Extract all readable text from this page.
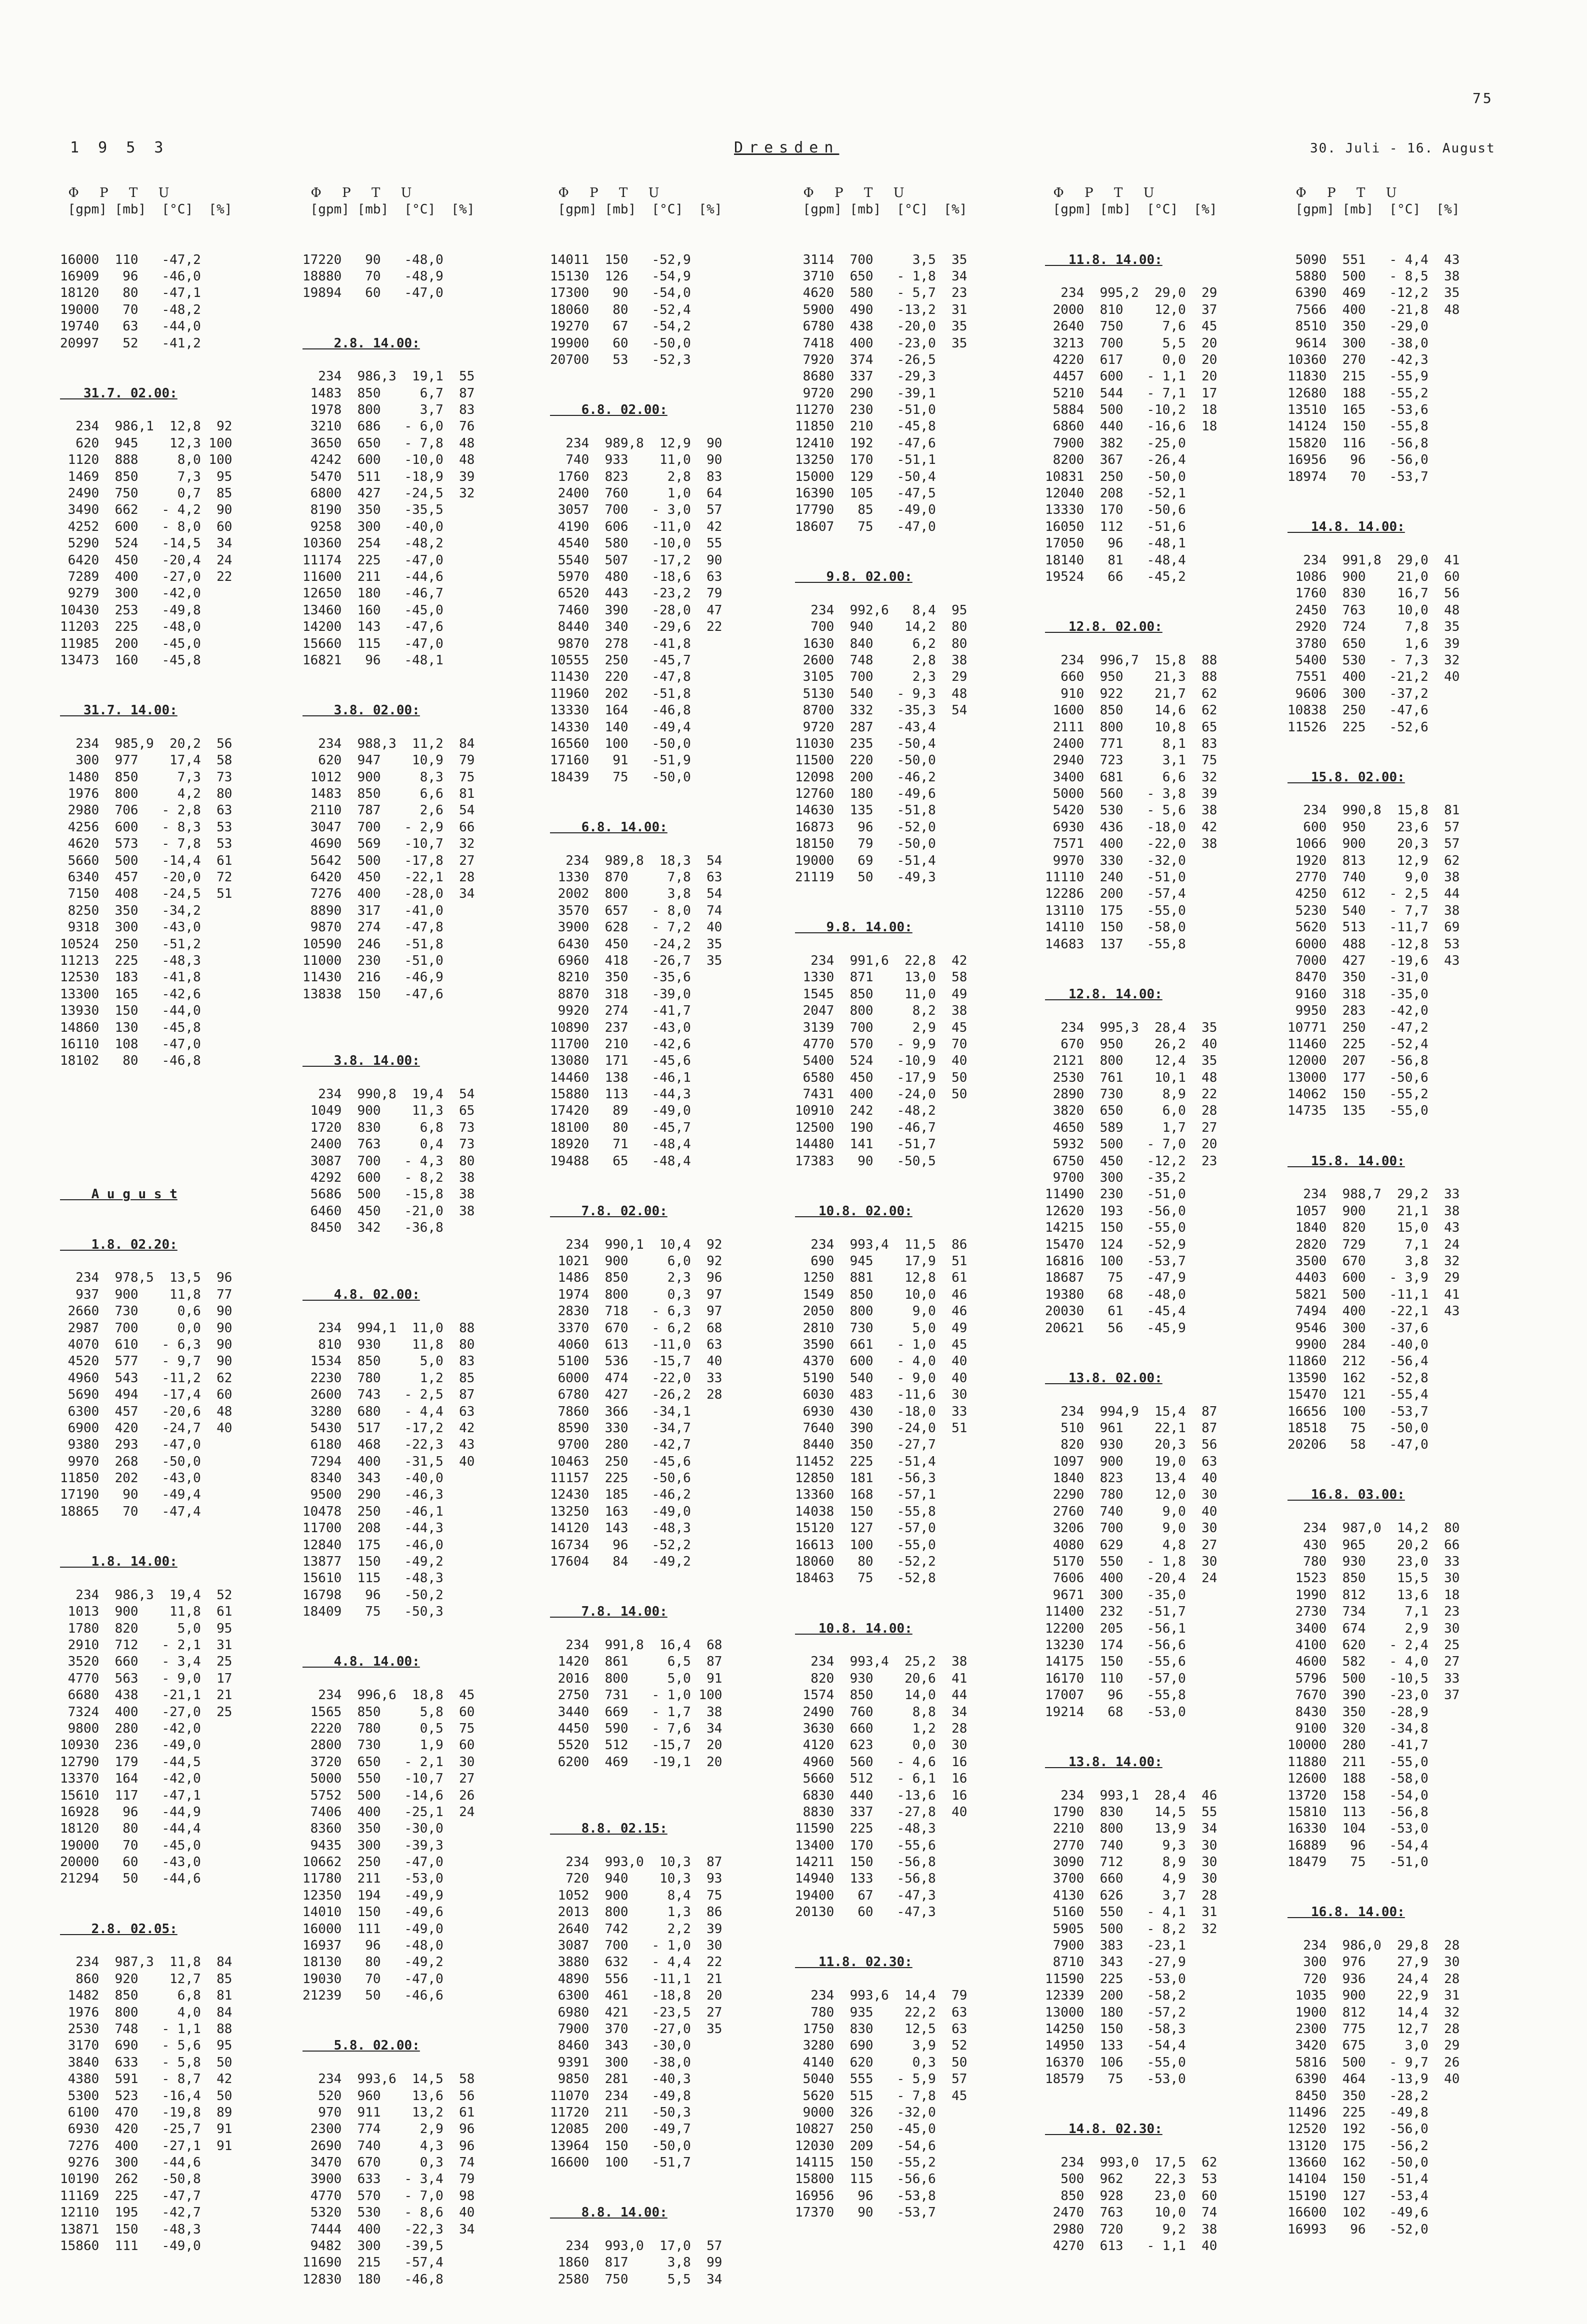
75
1 9 5 3	Dresden	30. Juli - 16. August
Φ     P     T     U
[gpm] [mb]  [°C]  [%]
16000  110   -47,2
16909   96   -46,0
18120   80   -47,1
19000   70   -48,2
19740   63   -44,0
20997   52   -41,2
31.7. 02.00:
234  986,1  12,8  92
620  945    12,3 100
1120  888     8,0 100
1469  850     7,3  95
2490  750     0,7  85
3490  662   - 4,2  90
4252  600   - 8,0  60
5290  524   -14,5  34
6420  450   -20,4  24
7289  400   -27,0  22
9279  300   -42,0
10430  253   -49,8
11203  225   -48,0
11985  200   -45,0
13473  160   -45,8
31.7. 14.00:
234  985,9  20,2  56
300  977    17,4  58
1480  850     7,3  73
1976  800     4,2  80
2980  706   - 2,8  63
4256  600   - 8,3  53
4620  573   - 7,8  53
5660  500   -14,4  61
6340  457   -20,0  72
7150  408   -24,5  51
8250  350   -34,2
9318  300   -43,0
10524  250   -51,2
11213  225   -48,3
12530  183   -41,8
13300  165   -42,6
13930  150   -44,0
14860  130   -45,8
16110  108   -47,0
18102   80   -46,8
A u g u s t
1.8. 02.20:
234  978,5  13,5  96
937  900    11,8  77
2660  730     0,6  90
2987  700     0,0  90
4070  610   - 6,3  90
4520  577   - 9,7  90
4960  543   -11,2  62
5690  494   -17,4  60
6300  457   -20,6  48
6900  420   -24,7  40
9380  293   -47,0
9970  268   -50,0
11850  202   -43,0
17190   90   -49,4
18865   70   -47,4
1.8. 14.00:
234  986,3  19,4  52
1013  900    11,8  61
1780  820     5,0  95
2910  712   - 2,1  31
3520  660   - 3,4  25
4770  563   - 9,0  17
6680  438   -21,1  21
7324  400   -27,0  25
9800  280   -42,0
10930  236   -49,0
12790  179   -44,5
13370  164   -42,0
15610  117   -47,1
16928   96   -44,9
18120   80   -44,4
19000   70   -45,0
20000   60   -43,0
21294   50   -44,6
2.8. 02.05:
234  987,3  11,8  84
860  920    12,7  85
1482  850     6,8  81
1976  800     4,0  84
2530  748   - 1,1  88
3170  690   - 5,6  95
3840  633   - 5,8  50
4380  591   - 8,7  42
5300  523   -16,4  50
6100  470   -19,8  89
6930  420   -25,7  91
7276  400   -27,1  91
9276  300   -44,6
10190  262   -50,8
11169  225   -47,7
12110  195   -42,7
13871  150   -48,3
15860  111   -49,0
Φ     P     T     U
[gpm] [mb]  [°C]  [%]
17220   90   -48,0
18880   70   -48,9
19894   60   -47,0
2.8. 14.00:
234  986,3  19,1  55
1483  850     6,7  87
1978  800     3,7  83
3210  686   - 6,0  76
3650  650   - 7,8  48
4242  600   -10,0  48
5470  511   -18,9  39
6800  427   -24,5  32
8190  350   -35,5
9258  300   -40,0
10360  254   -48,2
11174  225   -47,0
11600  211   -44,6
12650  180   -46,7
13460  160   -45,0
14200  143   -47,6
15660  115   -47,0
16821   96   -48,1
3.8. 02.00:
234  988,3  11,2  84
620  947    10,9  79
1012  900     8,3  75
1483  850     6,6  81
2110  787     2,6  54
3047  700   - 2,9  66
4690  569   -10,7  32
5642  500   -17,8  27
6420  450   -22,1  28
7276  400   -28,0  34
8890  317   -41,0
9870  274   -47,8
10590  246   -51,8
11000  230   -51,0
11430  216   -46,9
13838  150   -47,6
3.8. 14.00:
234  990,8  19,4  54
1049  900    11,3  65
1720  830     6,8  73
2400  763     0,4  73
3087  700   - 4,3  80
4292  600   - 8,2  38
5686  500   -15,8  38
6460  450   -21,0  38
8450  342   -36,8
4.8. 02.00:
234  994,1  11,0  88
810  930    11,8  80
1534  850     5,0  83
2230  780     1,2  85
2600  743   - 2,5  87
3280  680   - 4,4  63
5430  517   -17,2  42
6180  468   -22,3  43
7294  400   -31,5  40
8340  343   -40,0
9500  290   -46,3
10478  250   -46,1
11700  208   -44,3
12840  175   -46,0
13877  150   -49,2
15610  115   -48,3
16798   96   -50,2
18409   75   -50,3
4.8. 14.00:
234  996,6  18,8  45
1565  850     5,8  60
2220  780     0,5  75
2800  730     1,9  60
3720  650   - 2,1  30
5000  550   -10,7  27
5752  500   -14,6  26
7406  400   -25,1  24
8360  350   -30,0
9435  300   -39,3
10662  250   -47,0
11780  211   -53,0
12350  194   -49,9
14010  150   -49,6
16000  111   -49,0
16937   96   -48,0
18130   80   -49,2
19030   70   -47,0
21239   50   -46,6
5.8. 02.00:
234  993,6  14,5  58
520  960    13,6  56
970  911    13,2  61
2300  774     2,9  96
2690  740     4,3  96
3470  670     0,3  74
3900  633   - 3,4  79
4770  570   - 7,0  98
5320  530   - 8,6  40
7444  400   -22,3  34
9482  300   -39,5
11690  215   -57,4
12830  180   -46,8
Φ     P     T     U
[gpm] [mb]  [°C]  [%]
14011  150   -52,9
15130  126   -54,9
17300   90   -54,0
18060   80   -52,4
19270   67   -54,2
19900   60   -50,0
20700   53   -52,3
6.8. 02.00:
234  989,8  12,9  90
740  933    11,0  90
1760  823     2,8  83
2400  760     1,0  64
3057  700   - 3,0  57
4190  606   -11,0  42
4540  580   -10,0  55
5540  507   -17,2  90
5970  480   -18,6  63
6520  443   -23,2  79
7460  390   -28,0  47
8440  340   -29,6  22
9870  278   -41,8
10555  250   -45,7
11430  220   -47,8
11960  202   -51,8
13330  164   -46,8
14330  140   -49,4
16560  100   -50,0
17160   91   -51,9
18439   75   -50,0
6.8. 14.00:
234  989,8  18,3  54
1330  870     7,8  63
2002  800     3,8  54
3570  657   - 8,0  74
3900  628   - 7,2  40
6430  450   -24,2  35
6960  418   -26,7  35
8210  350   -35,6
8870  318   -39,0
9920  274   -41,7
10890  237   -43,0
11700  210   -42,6
13080  171   -45,6
14460  138   -46,1
15880  113   -44,3
17420   89   -49,0
18100   80   -45,7
18920   71   -48,4
19488   65   -48,4
7.8. 02.00:
234  990,1  10,4  92
1021  900     6,0  92
1486  850     2,3  96
1974  800     0,3  97
2830  718   - 6,3  97
3370  670   - 6,2  68
4060  613   -11,0  63
5100  536   -15,7  40
6000  474   -22,0  33
6780  427   -26,2  28
7860  366   -34,1
8590  330   -34,7
9700  280   -42,7
10463  250   -45,6
11157  225   -50,6
12430  185   -46,2
13250  163   -49,0
14120  143   -48,3
16734   96   -52,2
17604   84   -49,2
7.8. 14.00:
234  991,8  16,4  68
1420  861     6,5  87
2016  800     5,0  91
2750  731   - 1,0 100
3440  669   - 1,7  38
4450  590   - 7,6  34
5520  512   -15,7  20
6200  469   -19,1  20
8.8. 02.15:
234  993,0  10,3  87
720  940    10,3  93
1052  900     8,4  75
2013  800     1,3  86
2640  742     2,2  39
3087  700   - 1,0  30
3880  632   - 4,4  22
4890  556   -11,1  21
6300  461   -18,8  20
6980  421   -23,5  27
7900  370   -27,0  35
8460  343   -30,0
9391  300   -38,0
9850  281   -40,3
11070  234   -49,8
11720  211   -50,3
12085  200   -49,7
13964  150   -50,0
16600  100   -51,7
8.8. 14.00:
234  993,0  17,0  57
1860  817     3,8  99
2580  750     5,5  34
Φ     P     T     U
[gpm] [mb]  [°C]  [%]
3114  700     3,5  35
3710  650   - 1,8  34
4620  580   - 5,7  23
5900  490   -13,2  31
6780  438   -20,0  35
7418  400   -23,0  35
7920  374   -26,5
8680  337   -29,3
9720  290   -39,1
11270  230   -51,0
11850  210   -45,8
12410  192   -47,6
13250  170   -51,1
15000  129   -50,4
16390  105   -47,5
17790   85   -49,0
18607   75   -47,0
9.8. 02.00:
234  992,6   8,4  95
700  940    14,2  80
1630  840     6,2  80
2600  748     2,8  38
3105  700     2,3  29
5130  540   - 9,3  48
8700  332   -35,3  54
9720  287   -43,4
11030  235   -50,4
11500  220   -50,0
12098  200   -46,2
12760  180   -49,6
14630  135   -51,8
16873   96   -52,0
18150   79   -50,0
19000   69   -51,4
21119   50   -49,3
9.8. 14.00:
234  991,6  22,8  42
1330  871    13,0  58
1545  850    11,0  49
2047  800     8,2  38
3139  700     2,9  45
4770  570   - 9,9  70
5400  524   -10,9  40
6580  450   -17,9  50
7431  400   -24,0  50
10910  242   -48,2
12500  190   -46,7
14480  141   -51,7
17383   90   -50,5
10.8. 02.00:
234  993,4  11,5  86
690  945    17,9  51
1250  881    12,8  61
1549  850    10,0  46
2050  800     9,0  46
2810  730     5,0  49
3590  661   - 1,0  45
4370  600   - 4,0  40
5190  540   - 9,0  40
6030  483   -11,6  30
6930  430   -18,0  33
7640  390   -24,0  51
8440  350   -27,7
11452  225   -51,4
12850  181   -56,3
13360  168   -57,1
14038  150   -55,8
15120  127   -57,0
16613  100   -55,0
18060   80   -52,2
18463   75   -52,8
10.8. 14.00:
234  993,4  25,2  38
820  930    20,6  41
1574  850    14,0  44
2490  760     8,8  34
3630  660     1,2  28
4120  623     0,0  30
4960  560   - 4,6  16
5660  512   - 6,1  16
6830  440   -13,6  16
8830  337   -27,8  40
11590  225   -48,3
13400  170   -55,6
14211  150   -56,8
14940  133   -56,8
19400   67   -47,3
20130   60   -47,3
11.8. 02.30:
234  993,6  14,4  79
780  935    22,2  63
1750  830    12,5  63
3280  690     3,9  52
4140  620     0,3  50
5040  555   - 5,9  57
5620  515   - 7,8  45
9000  326   -32,0
10827  250   -45,0
12030  209   -54,6
14115  150   -55,2
15800  115   -56,6
16956   96   -53,8
17370   90   -53,7
Φ     P     T     U
[gpm] [mb]  [°C]  [%]
11.8. 14.00:
234  995,2  29,0  29
2000  810    12,0  37
2640  750     7,6  45
3213  700     5,5  20
4220  617     0,0  20
4457  600   - 1,1  20
5210  544   - 7,1  17
5884  500   -10,2  18
6860  440   -16,6  18
7900  382   -25,0
8200  367   -26,4
10831  250   -50,0
12040  208   -52,1
13330  170   -50,6
16050  112   -51,6
17050   96   -48,1
18140   81   -48,4
19524   66   -45,2
12.8. 02.00:
234  996,7  15,8  88
660  950    21,3  88
910  922    21,7  62
1600  850    14,6  62
2111  800    10,8  65
2400  771     8,1  83
2940  723     3,1  75
3400  681     6,6  32
5000  560   - 3,8  39
5420  530   - 5,6  38
6930  436   -18,0  42
7571  400   -22,0  38
9970  330   -32,0
11110  240   -51,0
12286  200   -57,4
13110  175   -55,0
14110  150   -58,0
14683  137   -55,8
12.8. 14.00:
234  995,3  28,4  35
670  950    26,2  40
2121  800    12,4  35
2530  761    10,1  48
2890  730     8,9  22
3820  650     6,0  28
4650  589     1,7  27
5932  500   - 7,0  20
6750  450   -12,2  23
9700  300   -35,2
11490  230   -51,0
12620  193   -56,0
14215  150   -55,0
15470  124   -52,9
16816  100   -53,7
18687   75   -47,9
19380   68   -48,0
20030   61   -45,4
20621   56   -45,9
13.8. 02.00:
234  994,9  15,4  87
510  961    22,1  87
820  930    20,3  56
1097  900    19,0  63
1840  823    13,4  40
2290  780    12,0  30
2760  740     9,0  40
3206  700     9,0  30
4080  629     4,8  27
5170  550   - 1,8  30
7606  400   -20,4  24
9671  300   -35,0
11400  232   -51,7
12200  205   -56,1
13230  174   -56,6
14175  150   -55,6
16170  110   -57,0
17007   96   -55,8
19214   68   -53,0
13.8. 14.00:
234  993,1  28,4  46
1790  830    14,5  55
2210  800    13,9  34
2770  740     9,3  30
3090  712     8,9  30
3700  660     4,9  30
4130  626     3,7  28
5160  550   - 4,1  31
5905  500   - 8,2  32
7900  383   -23,1
8710  343   -27,9
11590  225   -53,0
12339  200   -58,2
13000  180   -57,2
14250  150   -58,3
14950  133   -54,4
16370  106   -55,0
18579   75   -53,0
14.8. 02.30:
234  993,0  17,5  62
500  962    22,3  53
850  928    23,0  60
2470  763    10,0  74
2980  720     9,2  38
4270  613   - 1,1  40
Φ     P     T     U
[gpm] [mb]  [°C]  [%]
5090  551   - 4,4  43
5880  500   - 8,5  38
6390  469   -12,2  35
7566  400   -21,8  48
8510  350   -29,0
9614  300   -38,0
10360  270   -42,3
11830  215   -55,9
12680  188   -55,2
13510  165   -53,6
14124  150   -55,8
15820  116   -56,8
16956   96   -56,0
18974   70   -53,7
14.8. 14.00:
234  991,8  29,0  41
1086  900    21,0  60
1760  830    16,7  56
2450  763    10,0  48
2920  724     7,8  35
3780  650     1,6  39
5400  530   - 7,3  32
7551  400   -21,2  40
9606  300   -37,2
10838  250   -47,6
11526  225   -52,6
15.8. 02.00:
234  990,8  15,8  81
600  950    23,6  57
1066  900    20,3  57
1920  813    12,9  62
2770  740     9,0  38
4250  612   - 2,5  44
5230  540   - 7,7  38
5620  513   -11,7  69
6000  488   -12,8  53
7000  427   -19,6  43
8470  350   -31,0
9160  318   -35,0
9950  283   -42,0
10771  250   -47,2
11460  225   -52,4
12000  207   -56,8
13000  177   -50,6
14062  150   -55,2
14735  135   -55,0
15.8. 14.00:
234  988,7  29,2  33
1057  900    21,1  38
1840  820    15,0  43
2820  729     7,1  24
3500  670     3,8  32
4403  600   - 3,9  29
5821  500   -11,1  41
7494  400   -22,1  43
9546  300   -37,6
9900  284   -40,0
11860  212   -56,4
13590  162   -52,8
15470  121   -55,4
16656  100   -53,7
18518   75   -50,0
20206   58   -47,0
16.8. 03.00:
234  987,0  14,2  80
430  965    20,2  66
780  930    23,0  33
1523  850    15,5  30
1990  812    13,6  18
2730  734     7,1  23
3400  674     2,9  30
4100  620   - 2,4  25
4600  582   - 4,0  27
5796  500   -10,5  33
7670  390   -23,0  37
8430  350   -28,9
9100  320   -34,8
10000  280   -41,7
11880  211   -55,0
12600  188   -58,0
13720  158   -54,0
15810  113   -56,8
16330  104   -53,0
16889   96   -54,4
18479   75   -51,0
16.8. 14.00:
234  986,0  29,8  28
300  976    27,9  30
720  936    24,4  28
1035  900    22,9  31
1900  812    14,4  32
2300  775    12,7  28
3420  675     3,0  29
5816  500   - 9,7  26
6390  464   -13,9  40
8450  350   -28,2
11496  225   -49,8
12520  192   -56,0
13120  175   -56,2
13660  162   -50,0
14104  150   -51,4
15190  127   -53,4
16600  102   -49,6
16993   96   -52,0
